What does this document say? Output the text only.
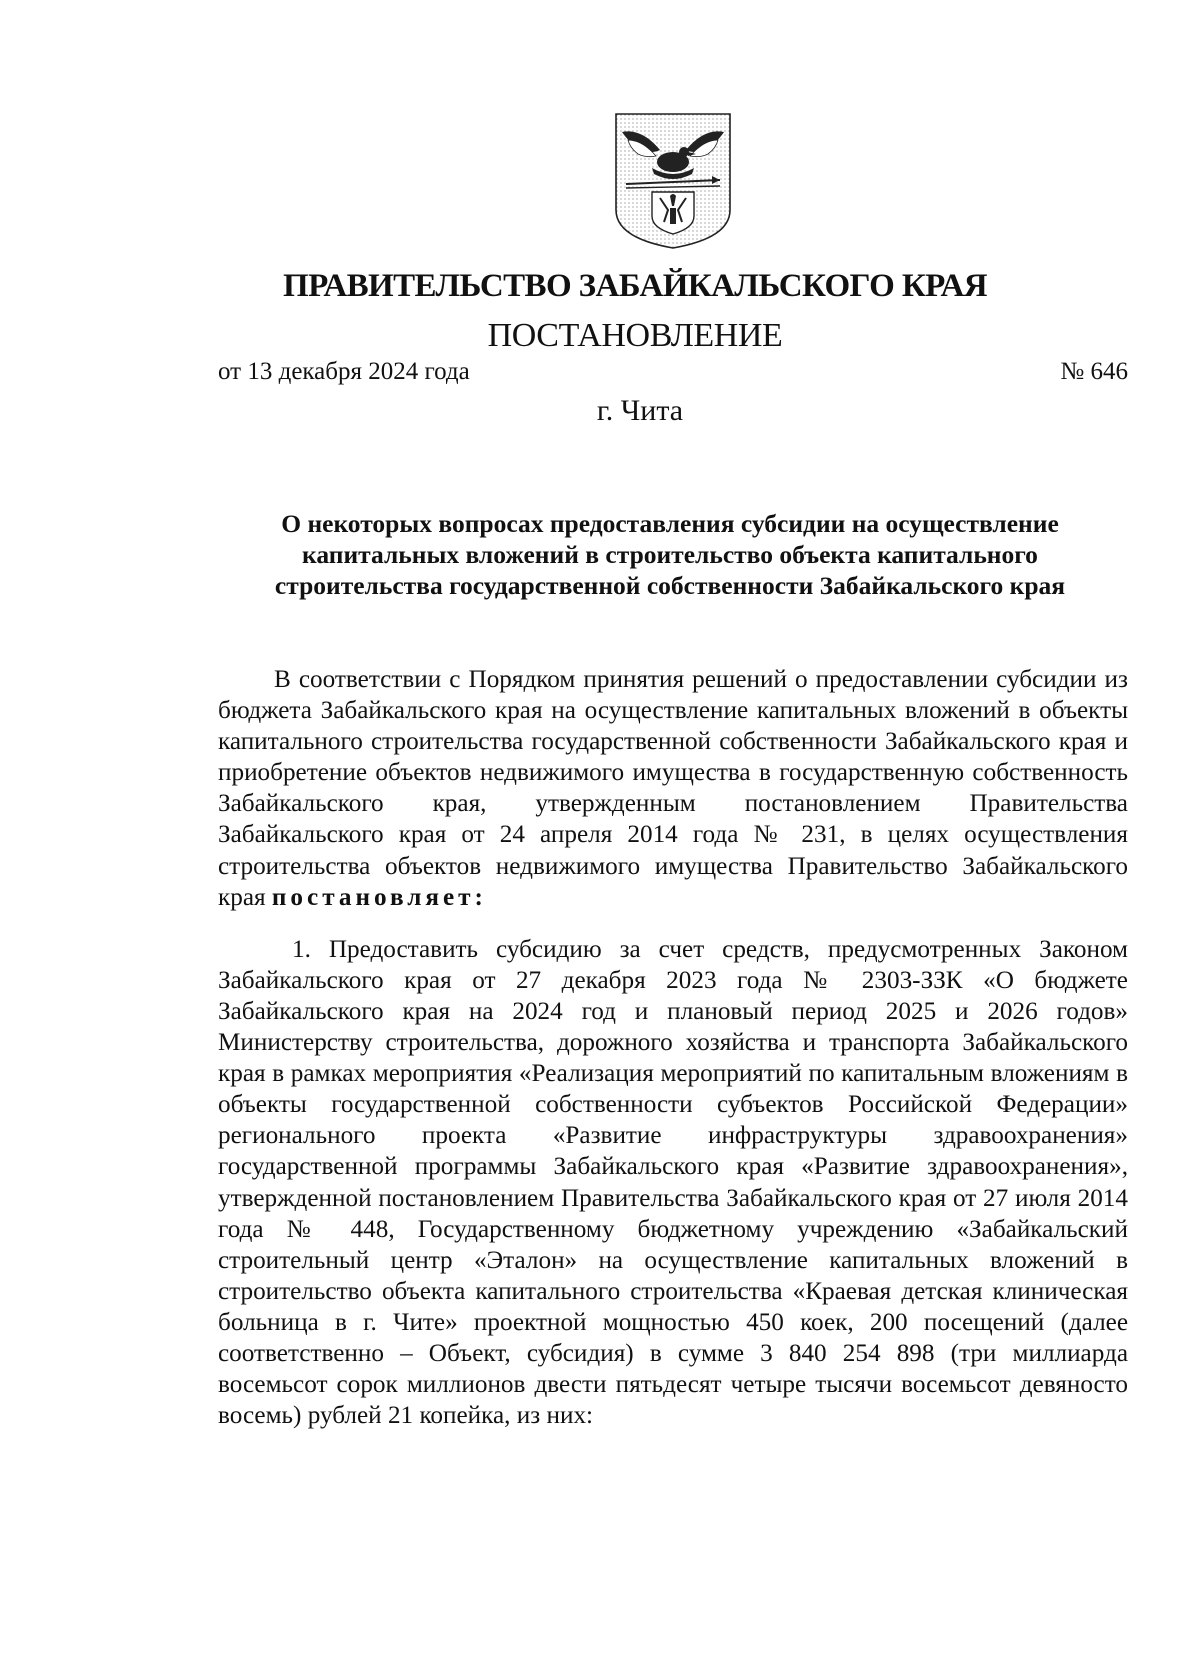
ПРАВИТЕЛЬСТВО ЗАБАЙКАЛЬСКОГО КРАЯ
ПОСТАНОВЛЕНИЕ
от 13 декабря 2024 года	№ 646
г. Чита
О некоторых вопросах предоставления субсидии на осуществление капитальных вложений в строительство объекта капитального строительства государственной собственности Забайкальского края

В соответствии с Порядком принятия решений о предоставлении субсидии из бюджета Забайкальского края на осуществление капитальных вложений в объекты капитального строительства государственной собственности Забайкальского края и приобретение объектов недвижимого имущества в государственную собственность Забайкальского края, утвержденным постановлением Правительства Забайкальского края от 24 апреля 2014 года № 231, в целях осуществления строительства объектов недвижимого имущества Правительство Забайкальского края постановляет:

1. Предоставить субсидию за счет средств, предусмотренных Законом Забайкальского края от 27 декабря 2023 года № 2303-ЗЗК «О бюджете Забайкальского края на 2024 год и плановый период 2025 и 2026 годов» Министерству строительства, дорожного хозяйства и транспорта Забайкальского края в рамках мероприятия «Реализация мероприятий по капитальным вложениям в объекты государственной собственности субъектов Российской Федерации» регионального проекта «Развитие инфраструктуры здравоохранения» государственной программы Забайкальского края «Развитие здравоохранения», утвержденной постановлением Правительства Забайкальского края от 27 июля 2014 года № 448, Государственному бюджетному учреждению «Забайкальский строительный центр «Эталон» на осуществление капитальных вложений в строительство объекта капитального строительства «Краевая детская клиническая больница в г. Чите» проектной мощностью 450 коек, 200 посещений (далее соответственно – Объект, субсидия) в сумме 3 840 254 898 (три миллиарда восемьсот сорок миллионов двести пятьдесят четыре тысячи восемьсот девяносто восемь) рублей 21 копейка, из них:
